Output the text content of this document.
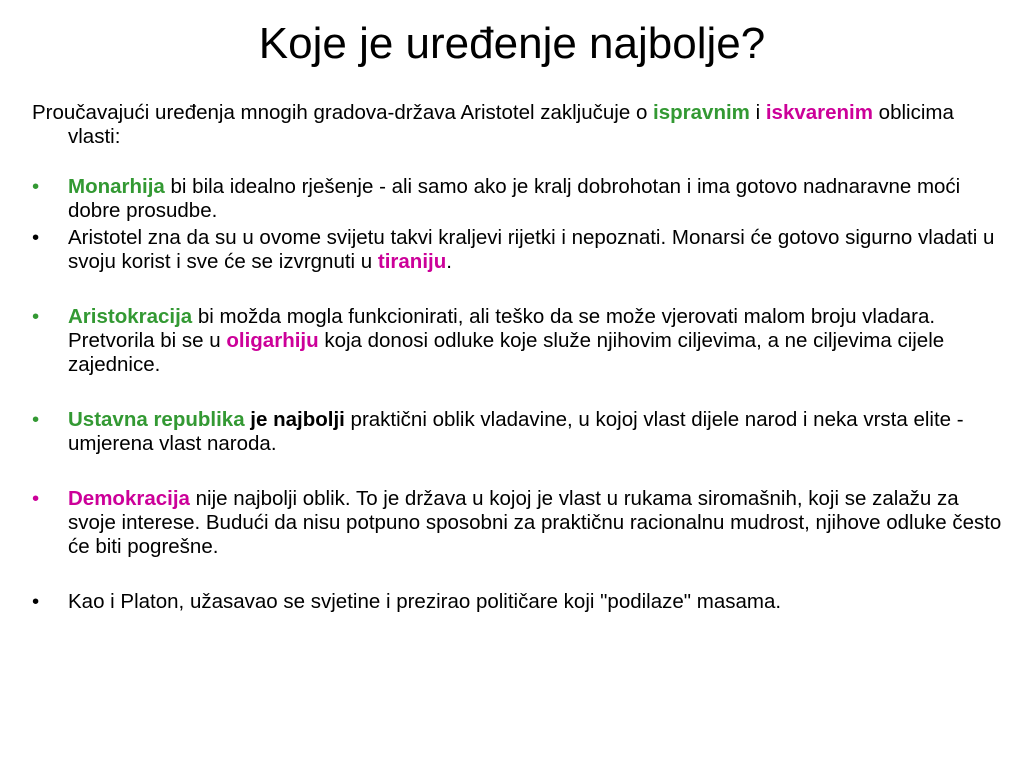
Koje je uređenje najbolje?

Proučavajući uređenja mnogih gradova-država Aristotel zaključuje o ispravnim i iskvarenim oblicima vlasti:

•	Monarhija bi bila idealno rješenje - ali samo ako je kralj dobrohotan i ima gotovo nadnaravne moći dobre prosudbe.
•	Aristotel zna da su u ovome svijetu takvi kraljevi rijetki i nepoznati. Monarsi će gotovo sigurno vladati u svoju korist i sve će se izvrgnuti u tiraniju.
•	Aristokracija bi možda mogla funkcionirati, ali teško da se može vjerovati malom broju vladara. Pretvorila bi se u oligarhiju koja donosi odluke koje služe njihovim ciljevima, a ne ciljevima cijele zajednice.
•	Ustavna republika je najbolji praktični oblik vladavine, u kojoj vlast dijele narod i neka vrsta elite - umjerena vlast naroda.
•	Demokracija nije najbolji oblik. To je država u kojoj je vlast u rukama siromašnih, koji se zalažu za svoje interese. Budući da nisu potpuno sposobni za praktičnu racionalnu mudrost, njihove odluke često će biti pogrešne.
•	Kao i Platon, užasavao se svjetine i prezirao političare koji "podilaze" masama.
